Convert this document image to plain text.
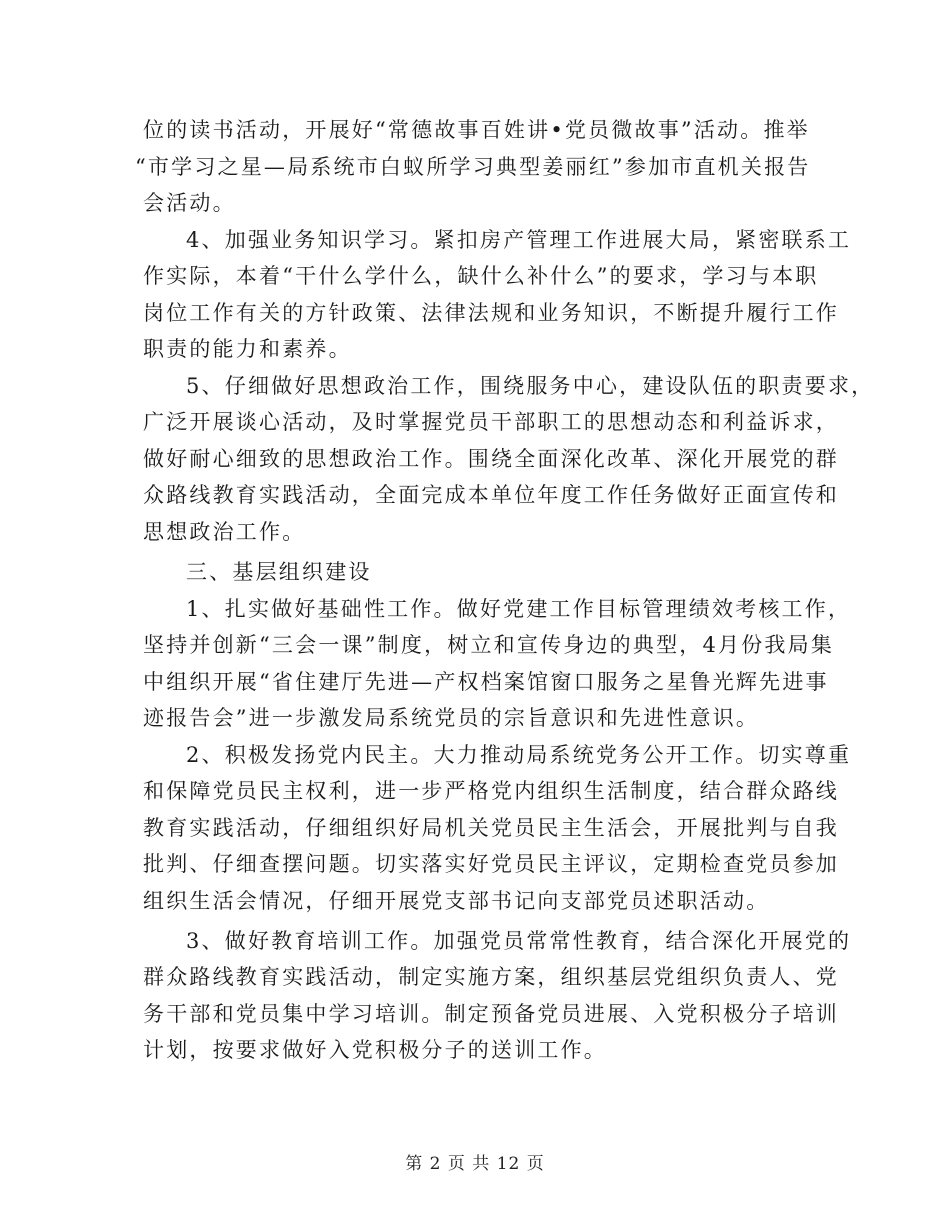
位的读书活动，开展好“常德故事百姓讲•党员微故事”活动。推举
“市学习之星—局系统市白蚁所学习典型姜丽红”参加市直机关报告
会活动。
4、加强业务知识学习。紧扣房产管理工作进展大局，紧密联系工
作实际，本着“干什么学什么，缺什么补什么”的要求，学习与本职
岗位工作有关的方针政策、法律法规和业务知识，不断提升履行工作
职责的能力和素养。
5、仔细做好思想政治工作，围绕服务中心，建设队伍的职责要求，
广泛开展谈心活动，及时掌握党员干部职工的思想动态和利益诉求，
做好耐心细致的思想政治工作。围绕全面深化改革、深化开展党的群
众路线教育实践活动，全面完成本单位年度工作任务做好正面宣传和
思想政治工作。
三、基层组织建设
1、扎实做好基础性工作。做好党建工作目标管理绩效考核工作，
坚持并创新“三会一课”制度，树立和宣传身边的典型，4月份我局集
中组织开展“省住建厅先进—产权档案馆窗口服务之星鲁光辉先进事
迹报告会”进一步激发局系统党员的宗旨意识和先进性意识。
2、积极发扬党内民主。大力推动局系统党务公开工作。切实尊重
和保障党员民主权利，进一步严格党内组织生活制度，结合群众路线
教育实践活动，仔细组织好局机关党员民主生活会，开展批判与自我
批判、仔细查摆问题。切实落实好党员民主评议，定期检查党员参加
组织生活会情况，仔细开展党支部书记向支部党员述职活动。
3、做好教育培训工作。加强党员常常性教育，结合深化开展党的
群众路线教育实践活动，制定实施方案，组织基层党组织负责人、党
务干部和党员集中学习培训。制定预备党员进展、入党积极分子培训
计划，按要求做好入党积极分子的送训工作。
第 2 页 共 12 页
